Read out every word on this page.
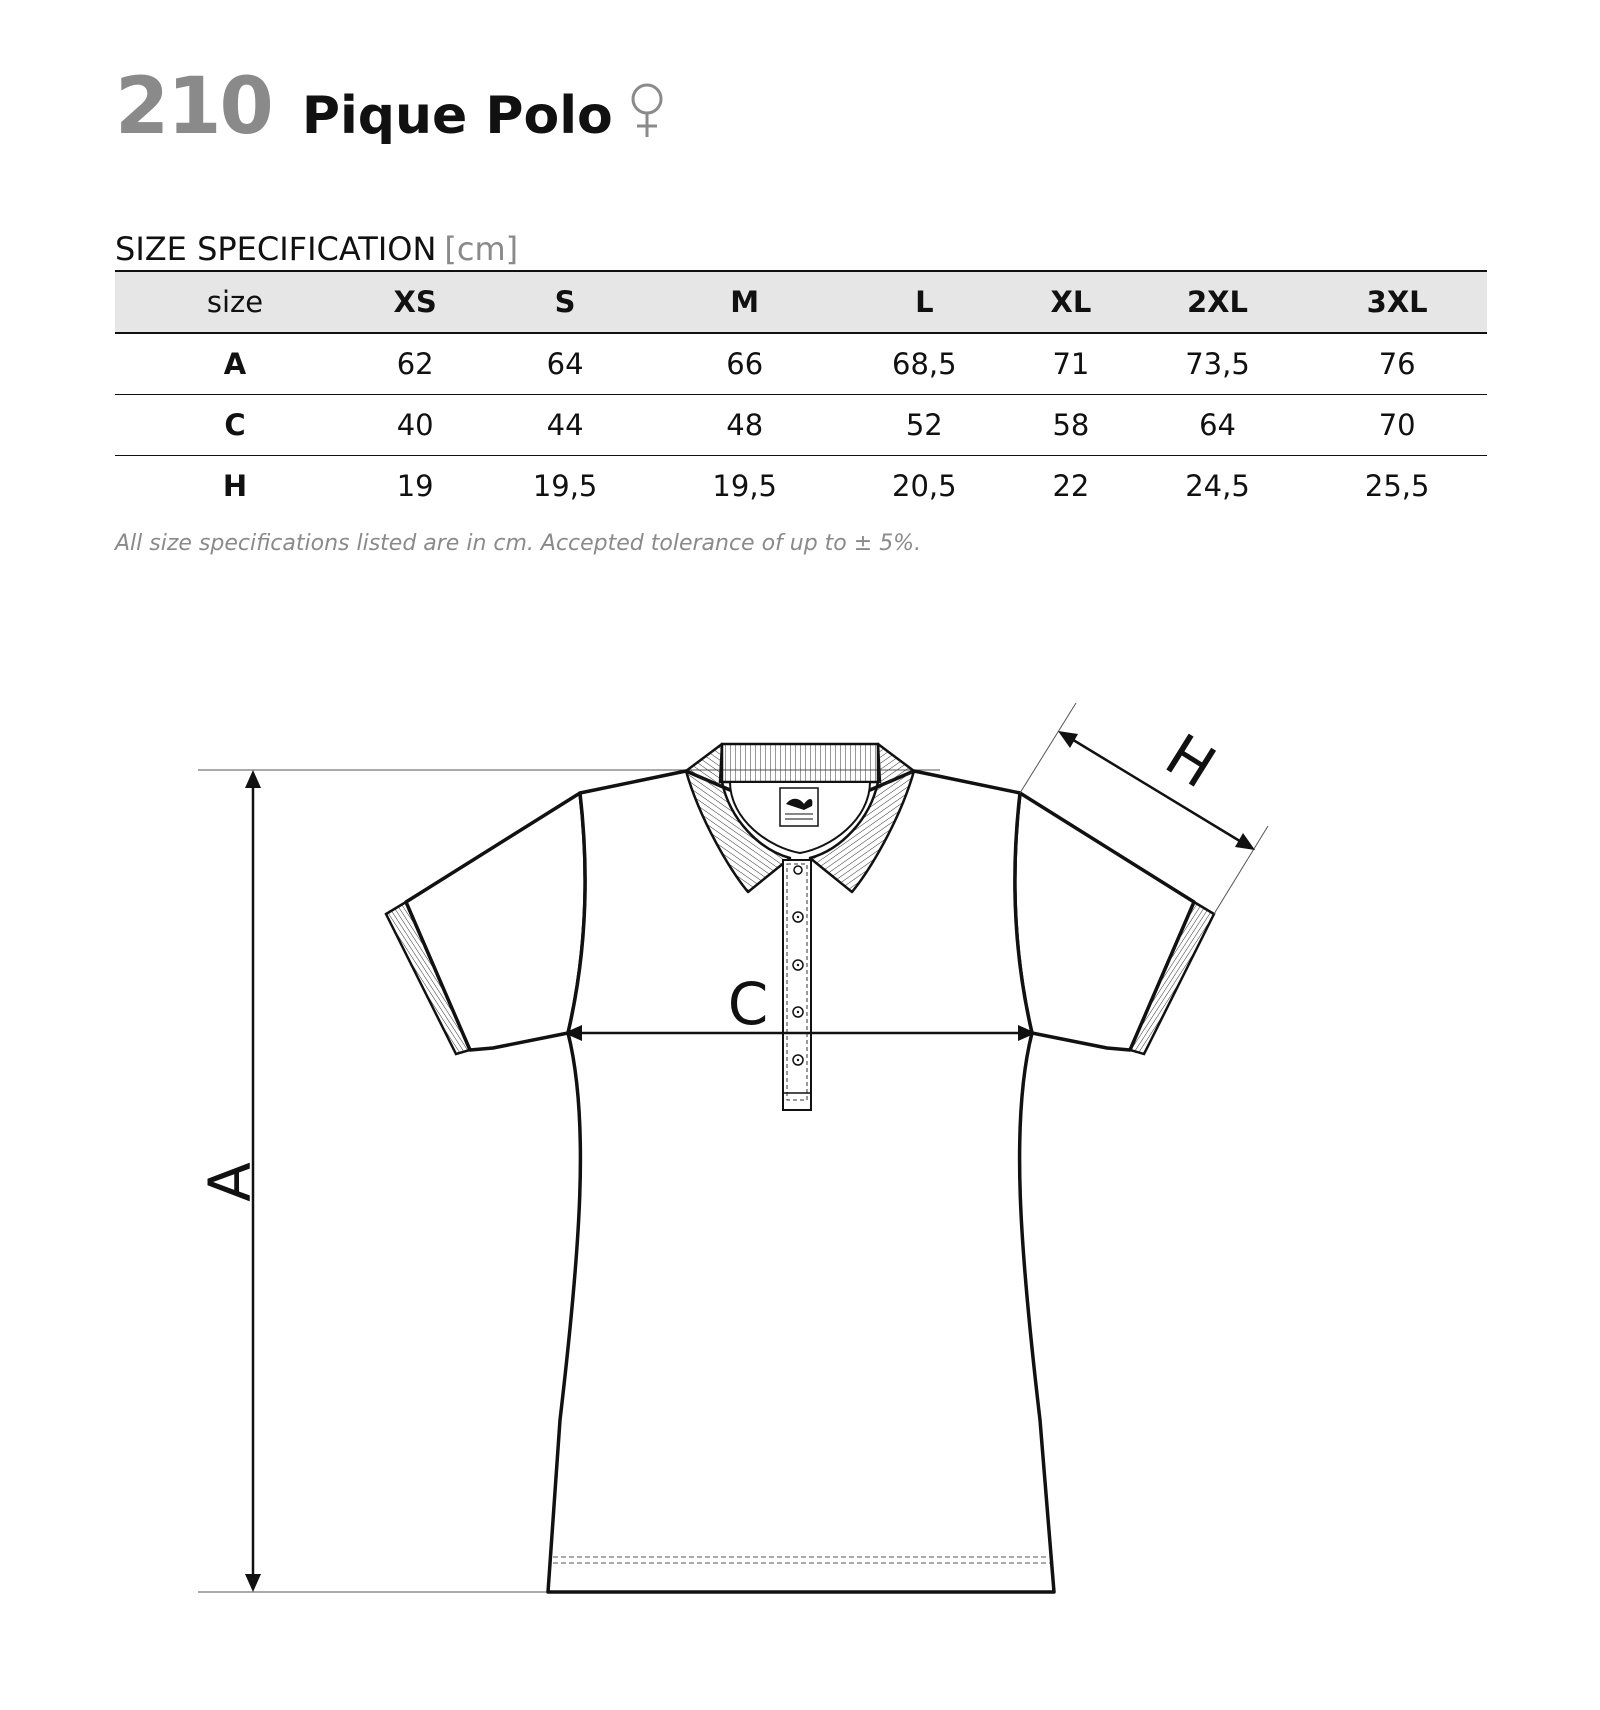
210 Pique Polo
SIZE SPECIFICATION [cm]
size	XS	S	M	L	XL	2XL	3XL
A	62	64	66	68,5	71	73,5	76
C	40	44	48	52	58	64	70
H	19	19,5	19,5	20,5	22	24,5	25,5
All size specifications listed are in cm. Accepted tolerance of up to ± 5%.
A
C
H
